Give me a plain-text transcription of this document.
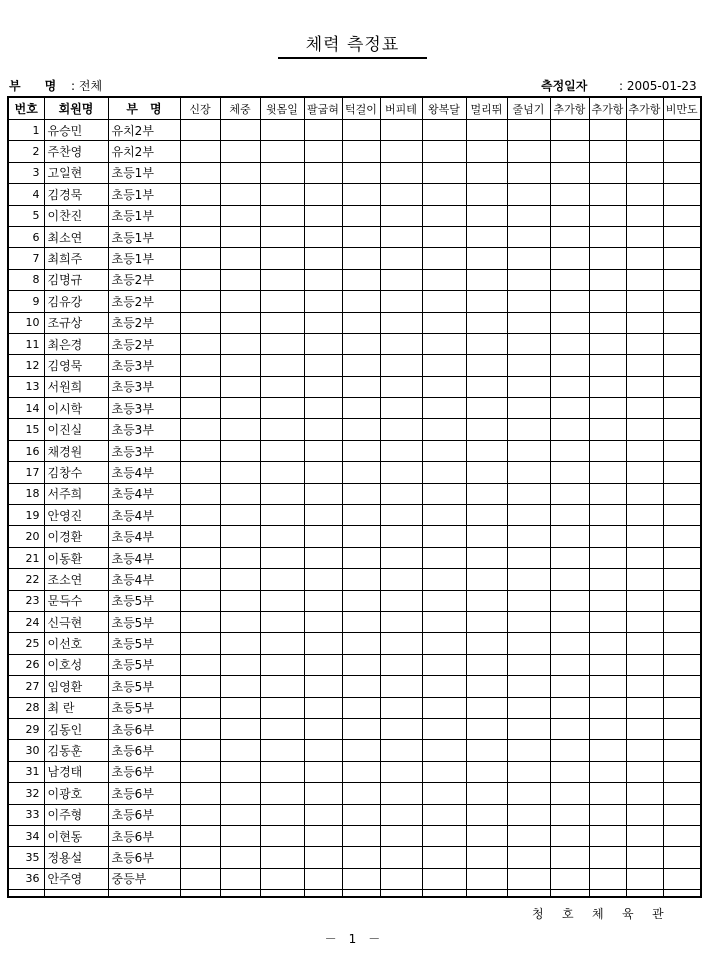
체력 측정표
부　　명 : 전체	측정일자	: 2005-01-23
번호	회원명	부　명	신장	체중	윗몸일	팔굽혀	턱걸이	버피테	왕복달	멀리뛰	줄넘기	추가항	추가항	추가항	비만도
1	유승민	유치2부													
2	주찬영	유치2부													
3	고일현	초등1부													
4	김경묵	초등1부													
5	이찬진	초등1부													
6	최소연	초등1부													
7	최희주	초등1부													
8	김명규	초등2부													
9	김유강	초등2부													
10	조규상	초등2부													
11	최은경	초등2부													
12	김영묵	초등3부													
13	서원희	초등3부													
14	이시학	초등3부													
15	이진실	초등3부													
16	채경원	초등3부													
17	김창수	초등4부													
18	서주희	초등4부													
19	안영진	초등4부													
20	이경환	초등4부													
21	이동환	초등4부													
22	조소연	초등4부													
23	문득수	초등5부													
24	신극현	초등5부													
25	이선호	초등5부													
26	이호성	초등5부													
27	임영환	초등5부													
28	최 란	초등5부													
29	김동인	초등6부													
30	김동훈	초등6부													
31	남경태	초등6부													
32	이광호	초등6부													
33	이주형	초등6부													
34	이현동	초등6부													
35	정용설	초등6부													
36	안주영	중등부													

청 호 체 육 관
－　1　－
